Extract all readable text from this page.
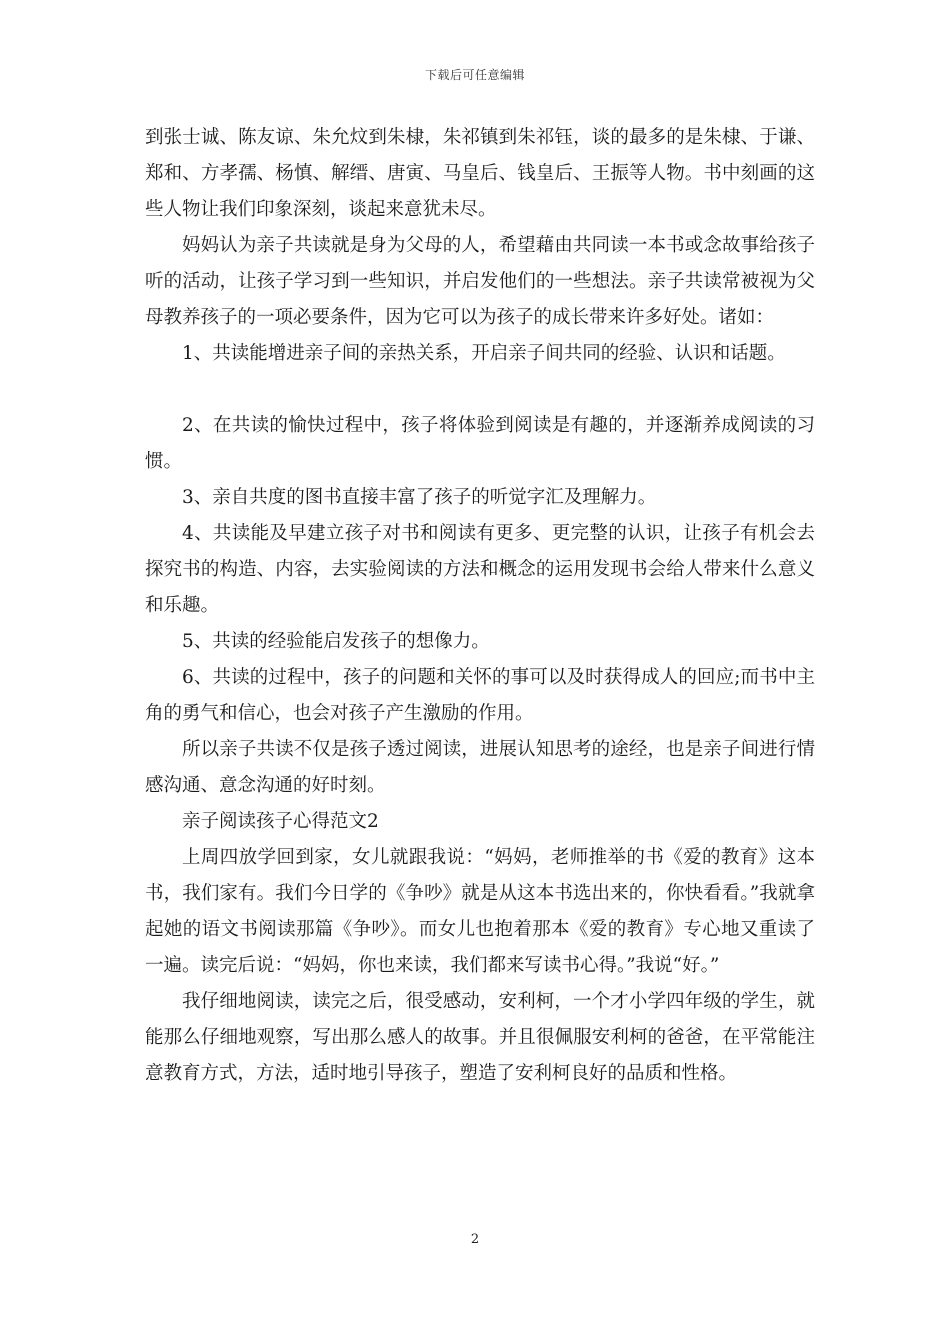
下载后可任意编辑

到张士诚、陈友谅、朱允炆到朱棣，朱祁镇到朱祁钰，谈的最多的是朱棣、于谦、郑和、方孝孺、杨慎、解缙、唐寅、马皇后、钱皇后、王振等人物。书中刻画的这些人物让我们印象深刻，谈起来意犹未尽。

妈妈认为亲子共读就是身为父母的人，希望藉由共同读一本书或念故事给孩子听的活动，让孩子学习到一些知识，并启发他们的一些想法。亲子共读常被视为父母教养孩子的一项必要条件，因为它可以为孩子的成长带来许多好处。诸如：

1、共读能增进亲子间的亲热关系，开启亲子间共同的经验、认识和话题。

2、在共读的愉快过程中，孩子将体验到阅读是有趣的，并逐渐养成阅读的习惯。

3、亲自共度的图书直接丰富了孩子的听觉字汇及理解力。

4、共读能及早建立孩子对书和阅读有更多、更完整的认识，让孩子有机会去探究书的构造、内容，去实验阅读的方法和概念的运用发现书会给人带来什么意义和乐趣。

5、共读的经验能启发孩子的想像力。

6、共读的过程中，孩子的问题和关怀的事可以及时获得成人的回应;而书中主角的勇气和信心，也会对孩子产生激励的作用。

所以亲子共读不仅是孩子透过阅读，进展认知思考的途经，也是亲子间进行情感沟通、意念沟通的好时刻。

亲子阅读孩子心得范文2

上周四放学回到家，女儿就跟我说：“妈妈，老师推举的书《爱的教育》这本书，我们家有。我们今日学的《争吵》就是从这本书选出来的，你快看看。”我就拿起她的语文书阅读那篇《争吵》。而女儿也抱着那本《爱的教育》专心地又重读了一遍。读完后说：“妈妈，你也来读，我们都来写读书心得。”我说“好。”

我仔细地阅读，读完之后，很受感动，安利柯，一个才小学四年级的学生，就能那么仔细地观察，写出那么感人的故事。并且很佩服安利柯的爸爸，在平常能注意教育方式，方法，适时地引导孩子，塑造了安利柯良好的品质和性格。

2
